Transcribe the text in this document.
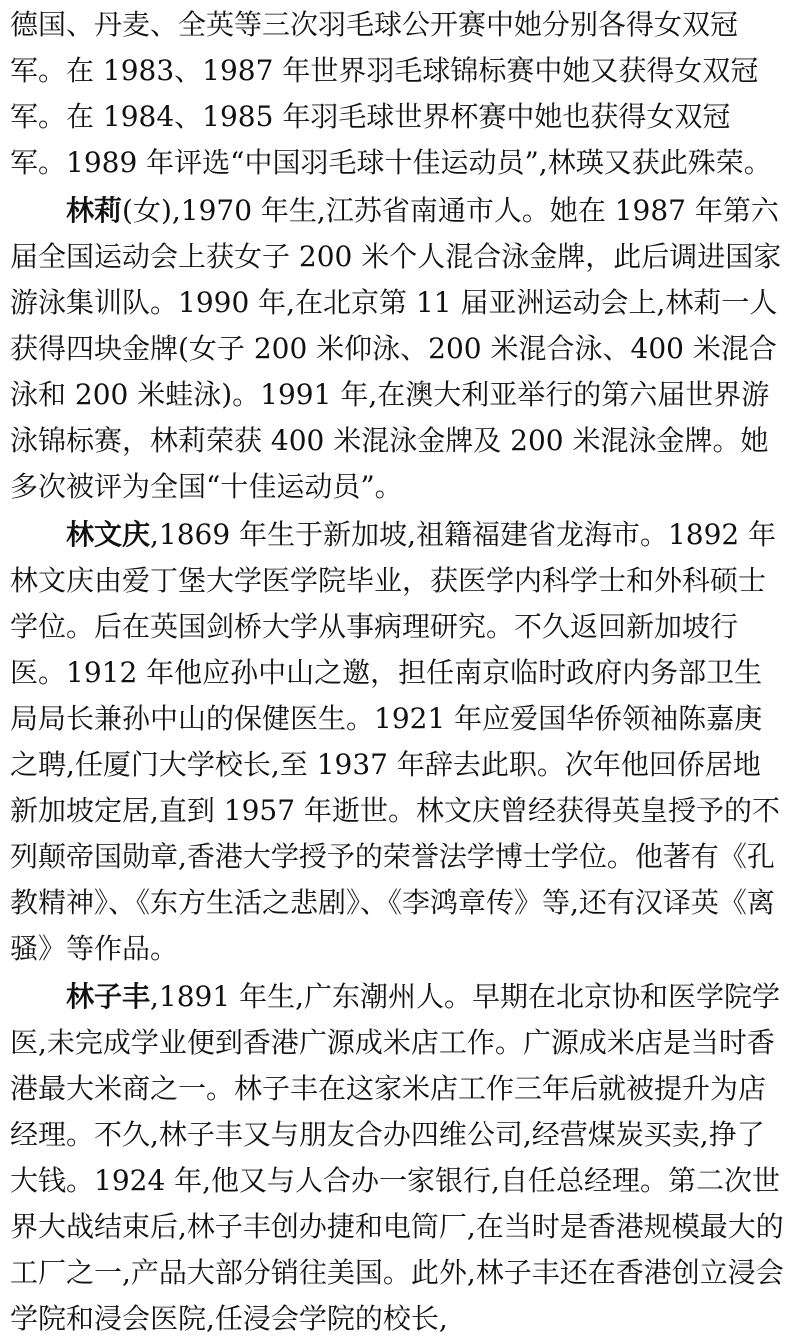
德国、丹麦、全英等三次羽毛球公开赛中她分别各得女双冠军。在 1983、1987 年世界羽毛球锦标赛中她又获得女双冠军。在 1984、1985 年羽毛球世界杯赛中她也获得女双冠军。1989 年评选“中国羽毛球十佳运动员”,林瑛又获此殊荣。

林莉(女),1970 年生,江苏省南通市人。她在 1987 年第六届全国运动会上获女子 200 米个人混合泳金牌，此后调进国家游泳集训队。1990 年,在北京第 11 届亚洲运动会上,林莉一人获得四块金牌(女子 200 米仰泳、200 米混合泳、400 米混合泳和 200 米蛙泳)。1991 年,在澳大利亚举行的第六届世界游泳锦标赛，林莉荣获 400 米混泳金牌及 200 米混泳金牌。她多次被评为全国“十佳运动员”。

林文庆,1869 年生于新加坡,祖籍福建省龙海市。1892 年林文庆由爱丁堡大学医学院毕业，获医学内科学士和外科硕士学位。后在英国剑桥大学从事病理研究。不久返回新加坡行医。1912 年他应孙中山之邀，担任南京临时政府内务部卫生局局长兼孙中山的保健医生。1921 年应爱国华侨领袖陈嘉庚之聘,任厦门大学校长,至 1937 年辞去此职。次年他回侨居地新加坡定居,直到 1957 年逝世。林文庆曾经获得英皇授予的不列颠帝国勋章,香港大学授予的荣誉法学博士学位。他著有《孔教精神》、《东方生活之悲剧》、《李鸿章传》等,还有汉译英《离骚》等作品。

林子丰,1891 年生,广东潮州人。早期在北京协和医学院学医,未完成学业便到香港广源成米店工作。广源成米店是当时香港最大米商之一。林子丰在这家米店工作三年后就被提升为店经理。不久,林子丰又与朋友合办四维公司,经营煤炭买卖,挣了大钱。1924 年,他又与人合办一家银行,自任总经理。第二次世界大战结束后,林子丰创办捷和电筒厂,在当时是香港规模最大的工厂之一,产品大部分销往美国。此外,林子丰还在香港创立浸会学院和浸会医院,任浸会学院的校长,
